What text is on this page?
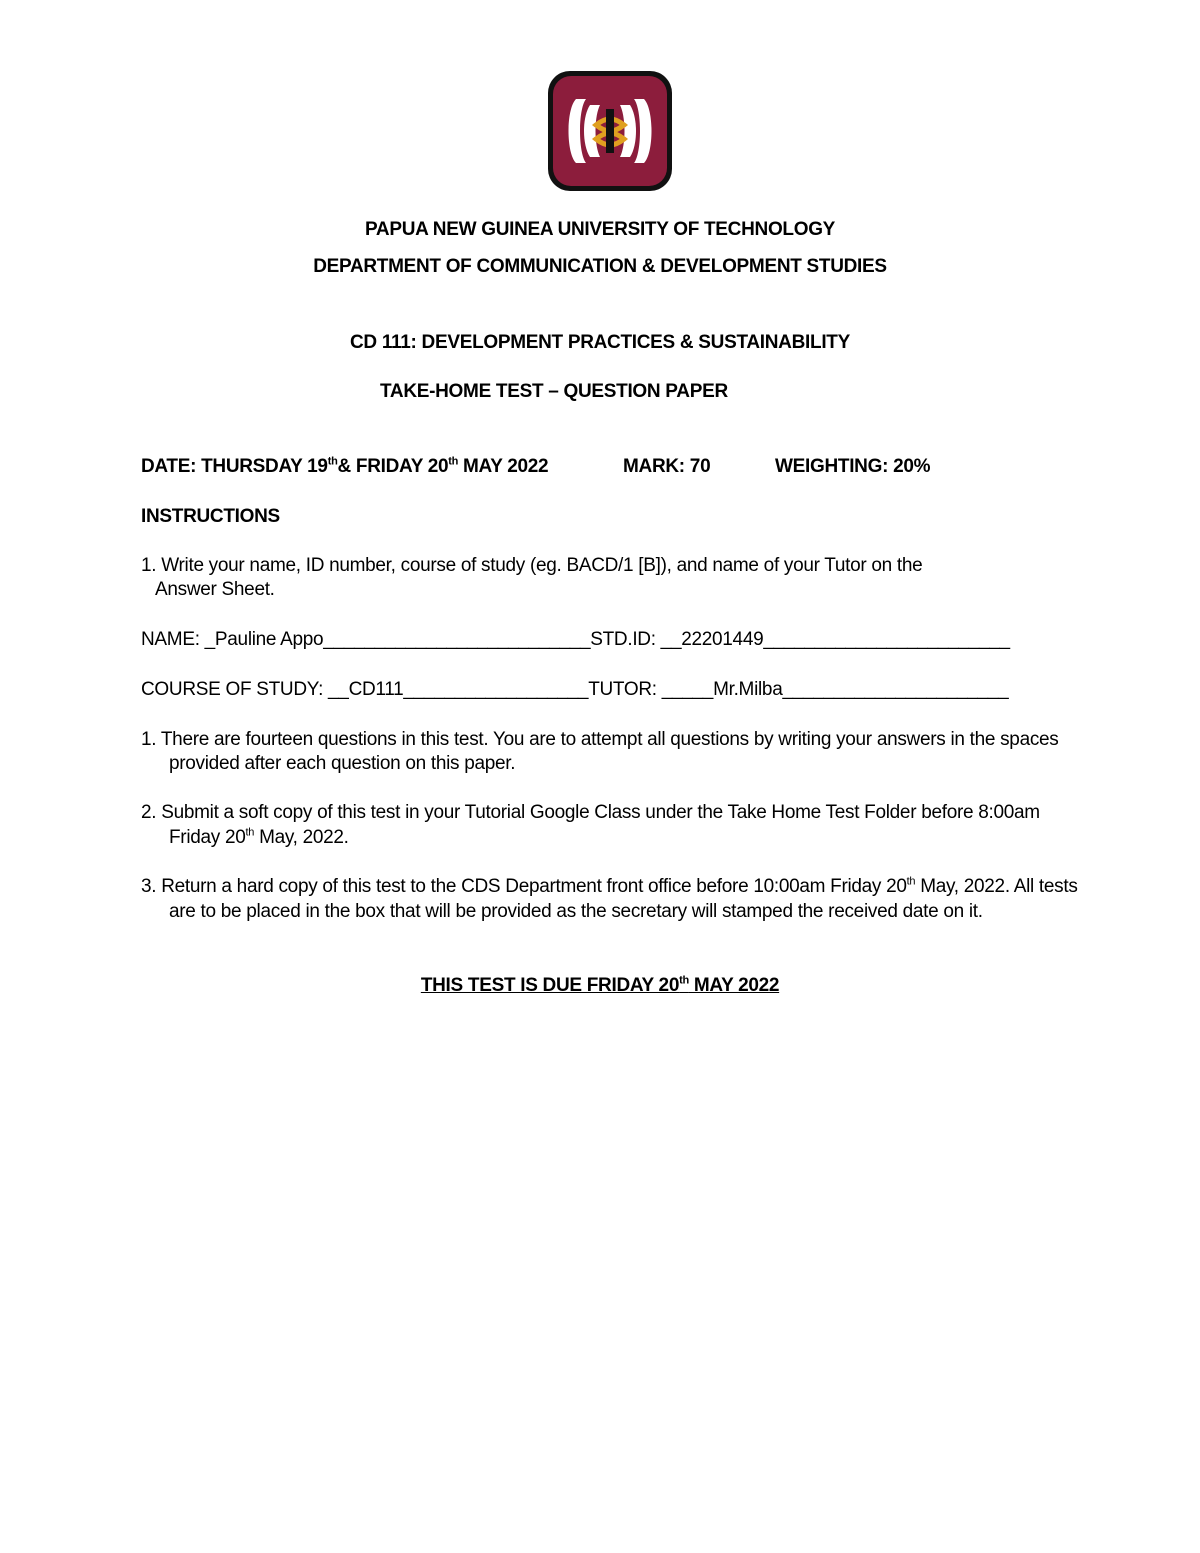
PAPUA NEW GUINEA UNIVERSITY OF TECHNOLOGY
DEPARTMENT OF COMMUNICATION & DEVELOPMENT STUDIES
CD 111: DEVELOPMENT PRACTICES & SUSTAINABILITY
TAKE-HOME TEST – QUESTION PAPER
DATE: THURSDAY 19th& FRIDAY 20th MAY 2022	MARK: 70	WEIGHTING: 20%
INSTRUCTIONS
1. Write your name, ID number, course of study (eg. BACD/1 [B]), and name of your Tutor on the
Answer Sheet.
NAME: _Pauline Appo__________________________STD.ID: __22201449________________________
COURSE OF STUDY: __CD111__________________TUTOR: _____Mr.Milba______________________
1. There are fourteen questions in this test. You are to attempt all questions by writing your answers in the spaces
provided after each question on this paper.
2. Submit a soft copy of this test in your Tutorial Google Class under the Take Home Test Folder before 8:00am
Friday 20th May, 2022.
3. Return a hard copy of this test to the CDS Department front office before 10:00am Friday 20th May, 2022. All tests
are to be placed in the box that will be provided as the secretary will stamped the received date on it.
THIS TEST IS DUE FRIDAY 20th MAY 2022
